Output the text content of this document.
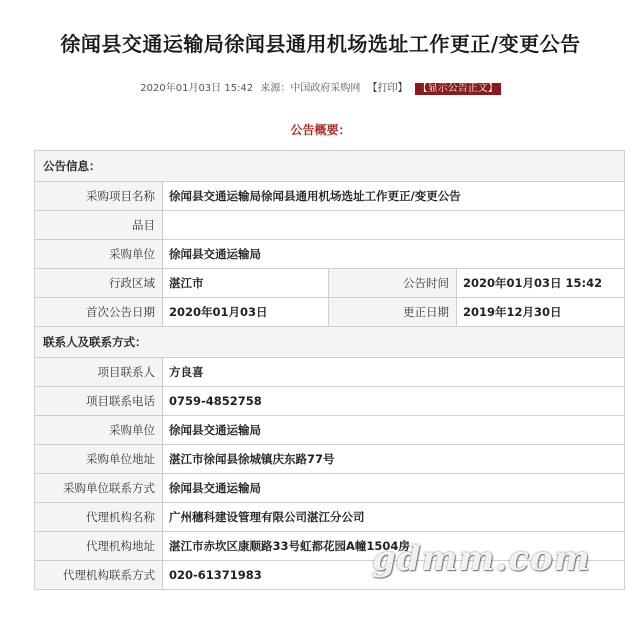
徐闻县交通运输局徐闻县通用机场选址工作更正/变更公告
2020年01月03日 15:42 来源：中国政府采购网 【打印】 【显示公告正文】
公告概要：
公告信息：			
采购项目名称	徐闻县交通运输局徐闻县通用机场选址工作更正/变更公告		
品目			
采购单位	徐闻县交通运输局		
行政区域	湛江市	公告时间	2020年01月03日 15:42
首次公告日期	2020年01月03日	更正日期	2019年12月30日
联系人及联系方式：			
项目联系人	方良喜		
项目联系电话	0759-4852758		
采购单位	徐闻县交通运输局		
采购单位地址	湛江市徐闻县徐城镇庆东路77号		
采购单位联系方式	徐闻县交通运输局		
代理机构名称	广州穗科建设管理有限公司湛江分公司		
代理机构地址	湛江市赤坎区康顺路33号虹都花园A幢1504房		
代理机构联系方式	020-61371983			gdmm.com
